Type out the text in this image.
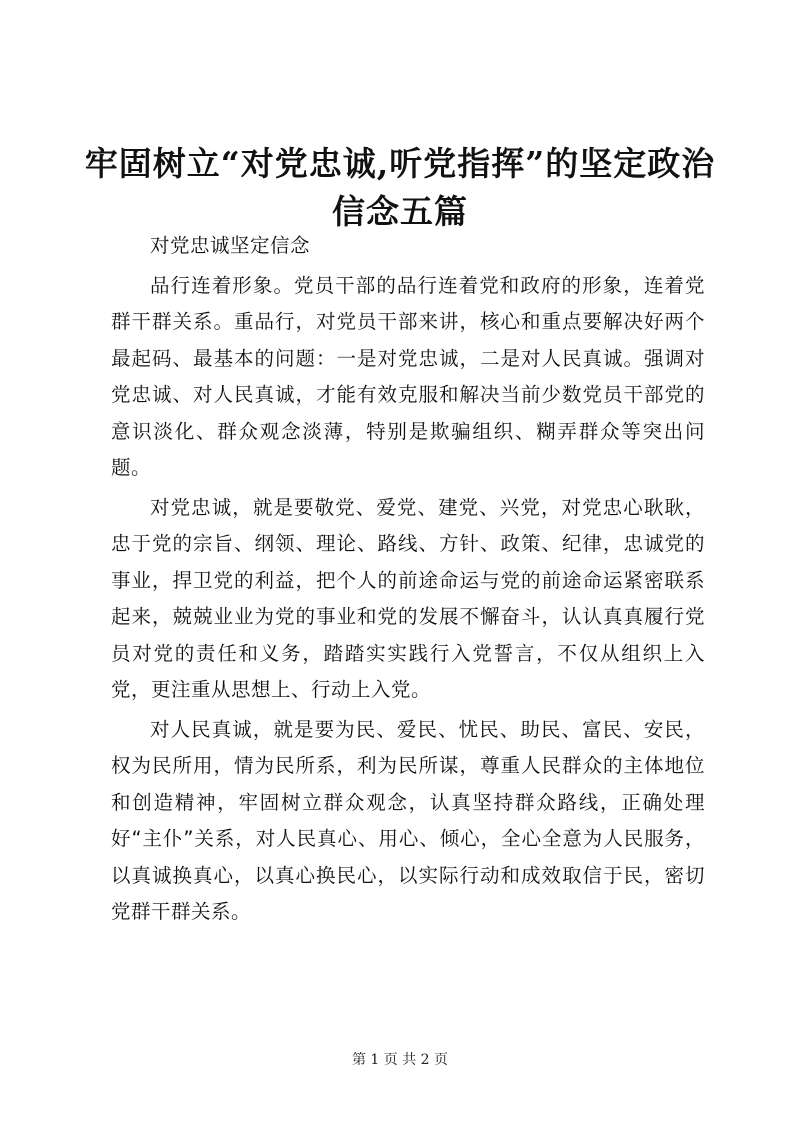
牢固树立“对党忠诚,听党指挥”的坚定政治
信念五篇

对党忠诚坚定信念

品行连着形象。党员干部的品行连着党和政府的形象，连着党群干群关系。重品行，对党员干部来讲，核心和重点要解决好两个最起码、最基本的问题：一是对党忠诚，二是对人民真诚。强调对党忠诚、对人民真诚，才能有效克服和解决当前少数党员干部党的意识淡化、群众观念淡薄，特别是欺骗组织、糊弄群众等突出问题。

对党忠诚，就是要敬党、爱党、建党、兴党，对党忠心耿耿，忠于党的宗旨、纲领、理论、路线、方针、政策、纪律，忠诚党的事业，捍卫党的利益，把个人的前途命运与党的前途命运紧密联系起来，兢兢业业为党的事业和党的发展不懈奋斗，认认真真履行党员对党的责任和义务，踏踏实实践行入党誓言，不仅从组织上入党，更注重从思想上、行动上入党。

对人民真诚，就是要为民、爱民、忧民、助民、富民、安民，权为民所用，情为民所系，利为民所谋，尊重人民群众的主体地位和创造精神，牢固树立群众观念，认真坚持群众路线，正确处理好“主仆”关系，对人民真心、用心、倾心，全心全意为人民服务，以真诚换真心，以真心换民心，以实际行动和成效取信于民，密切党群干群关系。

第 1 页 共 2 页
